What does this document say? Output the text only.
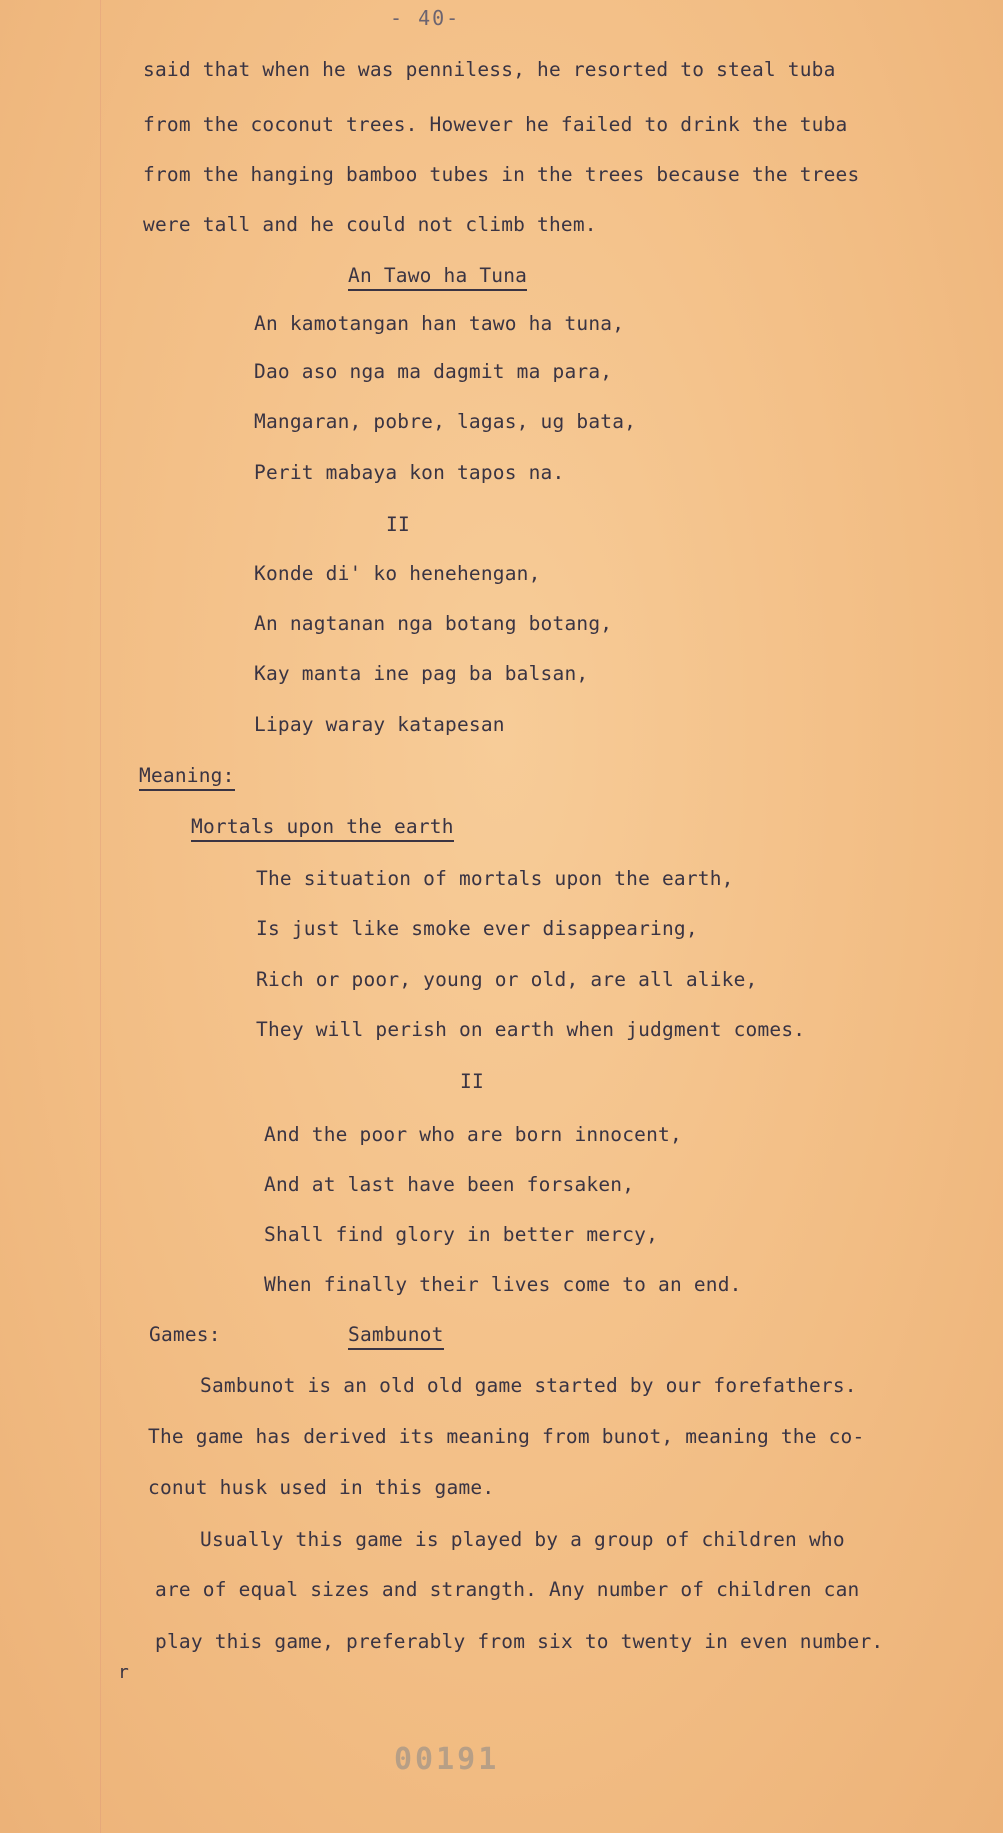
- 40-
said that when he was penniless, he resorted to steal tuba
from the coconut trees. However he failed to drink the tuba
from the hanging bamboo tubes in the trees because the trees
were tall and he could not climb them.
An Tawo ha Tuna
An kamotangan han tawo ha tuna,
Dao aso nga ma dagmit ma para,
Mangaran, pobre, lagas, ug bata,
Perit mabaya kon tapos na.
II
Konde di' ko henehengan,
An nagtanan nga botang botang,
Kay manta ine pag ba balsan,
Lipay waray katapesan
Meaning:
Mortals upon the earth
The situation of mortals upon the earth,
Is just like smoke ever disappearing,
Rich or poor, young or old, are all alike,
They will perish on earth when judgment comes.
II
And the poor who are born innocent,
And at last have been forsaken,
Shall find glory in better mercy,
When finally their lives come to an end.
Games:	Sambunot
Sambunot is an old old game started by our forefathers.
The game has derived its meaning from bunot, meaning the co-
conut husk used in this game.
Usually this game is played by a group of children who
are of equal sizes and strangth. Any number of children can
play this game, preferably from six to twenty in even number.
r
00191
